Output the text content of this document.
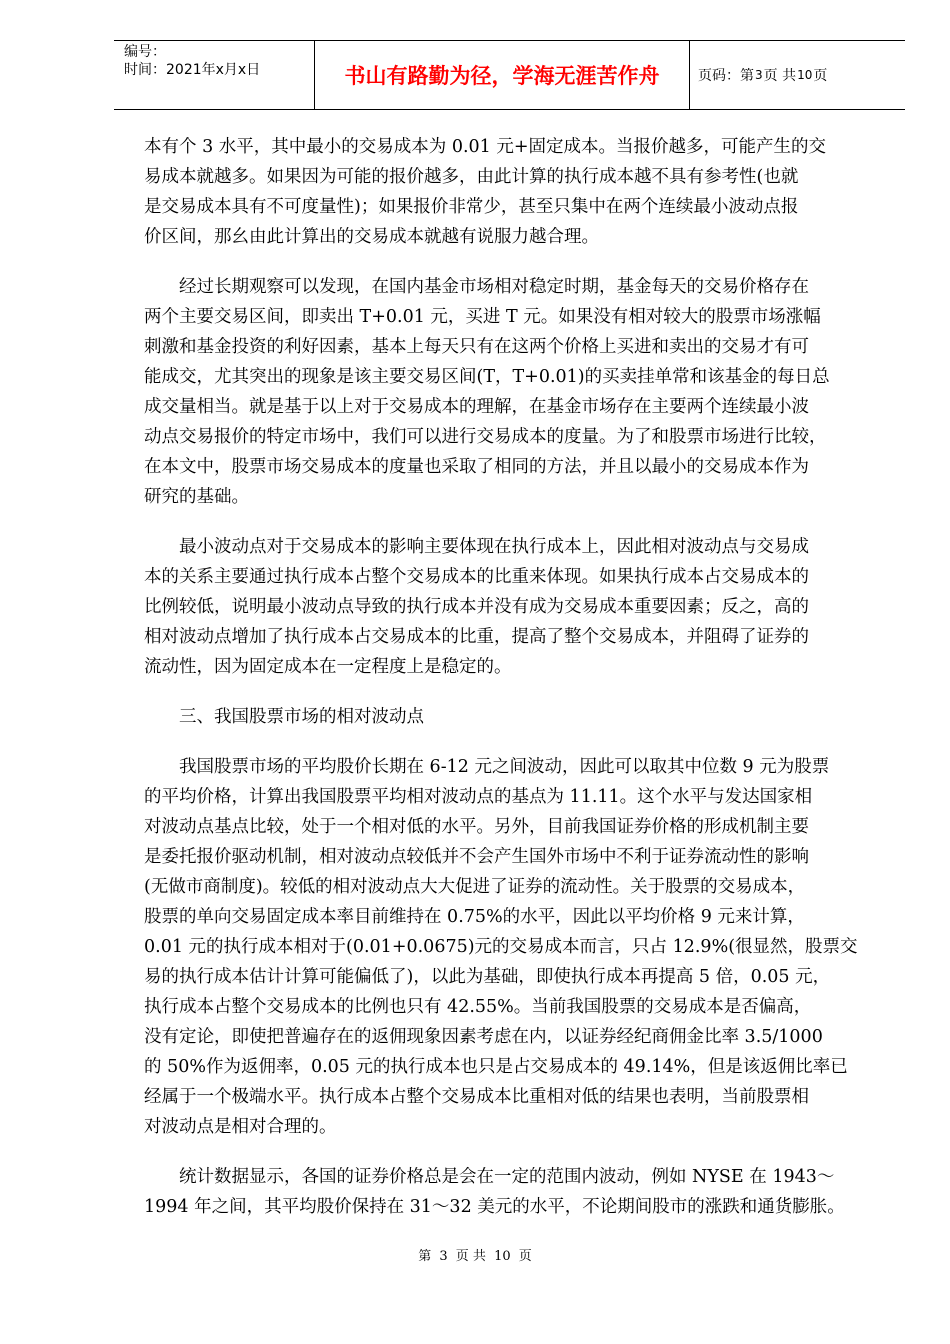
编号：
时间：2021年x月x日	书山有路勤为径，学海无涯苦作舟	页码：第 3 页 共 10 页
本有个 3 水平，其中最小的交易成本为 0.01 元+固定成本。当报价越多，可能产生的交
易成本就越多。如果因为可能的报价越多，由此计算的执行成本越不具有参考性(也就
是交易成本具有不可度量性)；如果报价非常少，甚至只集中在两个连续最小波动点报
价区间，那幺由此计算出的交易成本就越有说服力越合理。
　　经过长期观察可以发现，在国内基金市场相对稳定时期，基金每天的交易价格存在
两个主要交易区间，即卖出 T+0.01 元，买进 T 元。如果没有相对较大的股票市场涨幅
刺激和基金投资的利好因素，基本上每天只有在这两个价格上买进和卖出的交易才有可
能成交，尤其突出的现象是该主要交易区间(T，T+0.01)的买卖挂单常和该基金的每日总
成交量相当。就是基于以上对于交易成本的理解，在基金市场存在主要两个连续最小波
动点交易报价的特定市场中，我们可以进行交易成本的度量。为了和股票市场进行比较，
在本文中，股票市场交易成本的度量也采取了相同的方法，并且以最小的交易成本作为
研究的基础。
　　最小波动点对于交易成本的影响主要体现在执行成本上，因此相对波动点与交易成
本的关系主要通过执行成本占整个交易成本的比重来体现。如果执行成本占交易成本的
比例较低，说明最小波动点导致的执行成本并没有成为交易成本重要因素；反之，高的
相对波动点增加了执行成本占交易成本的比重，提高了整个交易成本，并阻碍了证券的
流动性，因为固定成本在一定程度上是稳定的。
　　三、我国股票市场的相对波动点
　　我国股票市场的平均股价长期在 6-12 元之间波动，因此可以取其中位数 9 元为股票
的平均价格，计算出我国股票平均相对波动点的基点为 11.11。这个水平与发达国家相
对波动点基点比较，处于一个相对低的水平。另外，目前我国证券价格的形成机制主要
是委托报价驱动机制，相对波动点较低并不会产生国外市场中不利于证券流动性的影响
(无做市商制度)。较低的相对波动点大大促进了证券的流动性。关于股票的交易成本，
股票的单向交易固定成本率目前维持在 0.75%的水平，因此以平均价格 9 元来计算，
0.01 元的执行成本相对于(0.01+0.0675)元的交易成本而言，只占 12.9%(很显然，股票交
易的执行成本估计计算可能偏低了)，以此为基础，即使执行成本再提高 5 倍，0.05 元，
执行成本占整个交易成本的比例也只有 42.55%。当前我国股票的交易成本是否偏高，
没有定论，即使把普遍存在的返佣现象因素考虑在内，以证券经纪商佣金比率 3.5/1000
的 50%作为返佣率，0.05 元的执行成本也只是占交易成本的 49.14%，但是该返佣比率已
经属于一个极端水平。执行成本占整个交易成本比重相对低的结果也表明，当前股票相
对波动点是相对合理的。
　　统计数据显示，各国的证券价格总是会在一定的范围内波动，例如 NYSE 在 1943～
1994 年之间，其平均股价保持在 31～32 美元的水平，不论期间股市的涨跌和通货膨胀。
第 3 页 共 10 页
